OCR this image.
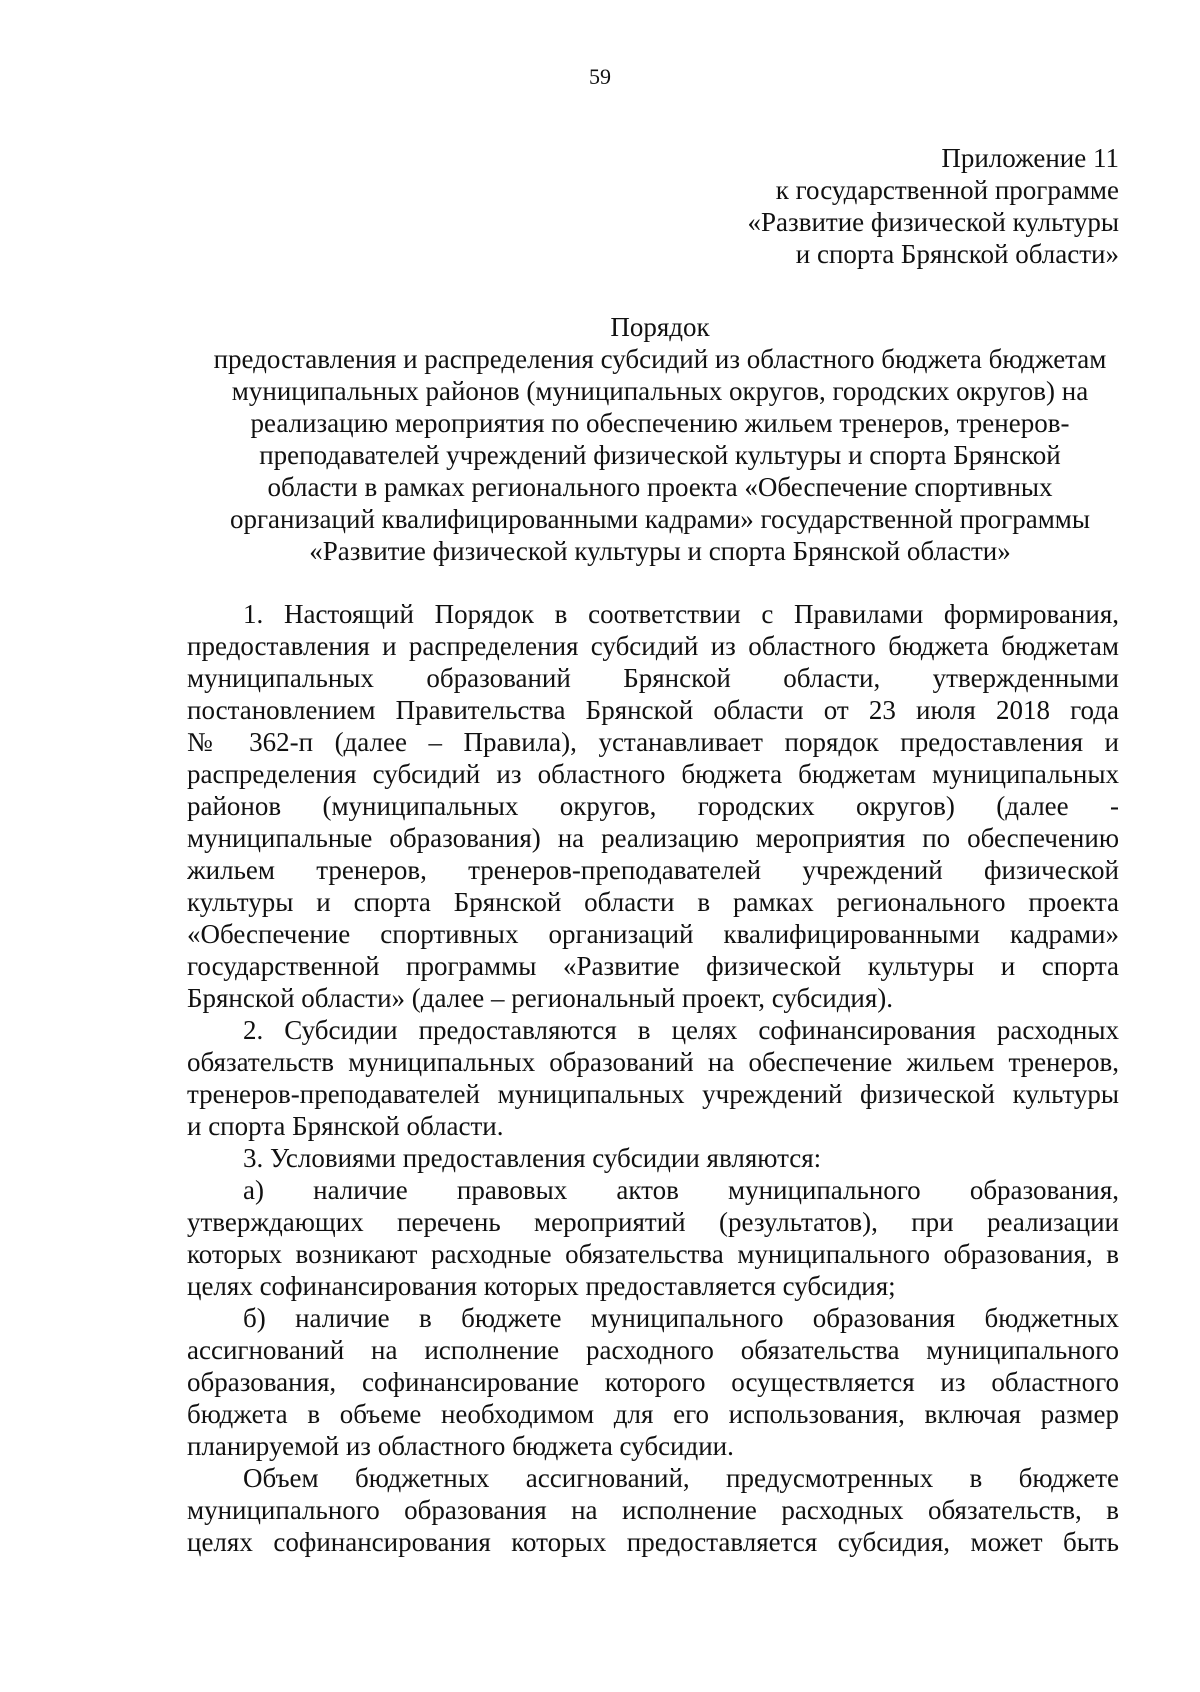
59
Приложение 11
к государственной программе
«Развитие физической культуры
и спорта Брянской области»
Порядок
предоставления и распределения субсидий из областного бюджета бюджетам
муниципальных районов (муниципальных округов, городских округов) на
реализацию мероприятия по обеспечению жильем тренеров, тренеров-
преподавателей учреждений физической культуры и спорта Брянской
области в рамках регионального проекта «Обеспечение спортивных
организаций квалифицированными кадрами» государственной программы
«Развитие физической культуры и спорта Брянской области»

1. Настоящий Порядок в соответствии с Правилами формирования,
предоставления и распределения субсидий из областного бюджета бюджетам
муниципальных образований Брянской области, утвержденными
постановлением Правительства Брянской области от 23 июля 2018 года
№ 362-п (далее – Правила), устанавливает порядок предоставления и
распределения субсидий из областного бюджета бюджетам муниципальных
районов (муниципальных округов, городских округов) (далее -
муниципальные образования) на реализацию мероприятия по обеспечению
жильем тренеров, тренеров-преподавателей учреждений физической
культуры и спорта Брянской области в рамках регионального проекта
«Обеспечение спортивных организаций квалифицированными кадрами»
государственной программы «Развитие физической культуры и спорта
Брянской области» (далее – региональный проект, субсидия).

2. Субсидии предоставляются в целях софинансирования расходных
обязательств муниципальных образований на обеспечение жильем тренеров,
тренеров-преподавателей муниципальных учреждений физической культуры
и спорта Брянской области.

3. Условиями предоставления субсидии являются:

а) наличие правовых актов муниципального образования,
утверждающих перечень мероприятий (результатов), при реализации
которых возникают расходные обязательства муниципального образования, в
целях софинансирования которых предоставляется субсидия;

б) наличие в бюджете муниципального образования бюджетных
ассигнований на исполнение расходного обязательства муниципального
образования, софинансирование которого осуществляется из областного
бюджета в объеме необходимом для его использования, включая размер
планируемой из областного бюджета субсидии.

Объем бюджетных ассигнований, предусмотренных в бюджете
муниципального образования на исполнение расходных обязательств, в
целях софинансирования которых предоставляется субсидия, может быть
